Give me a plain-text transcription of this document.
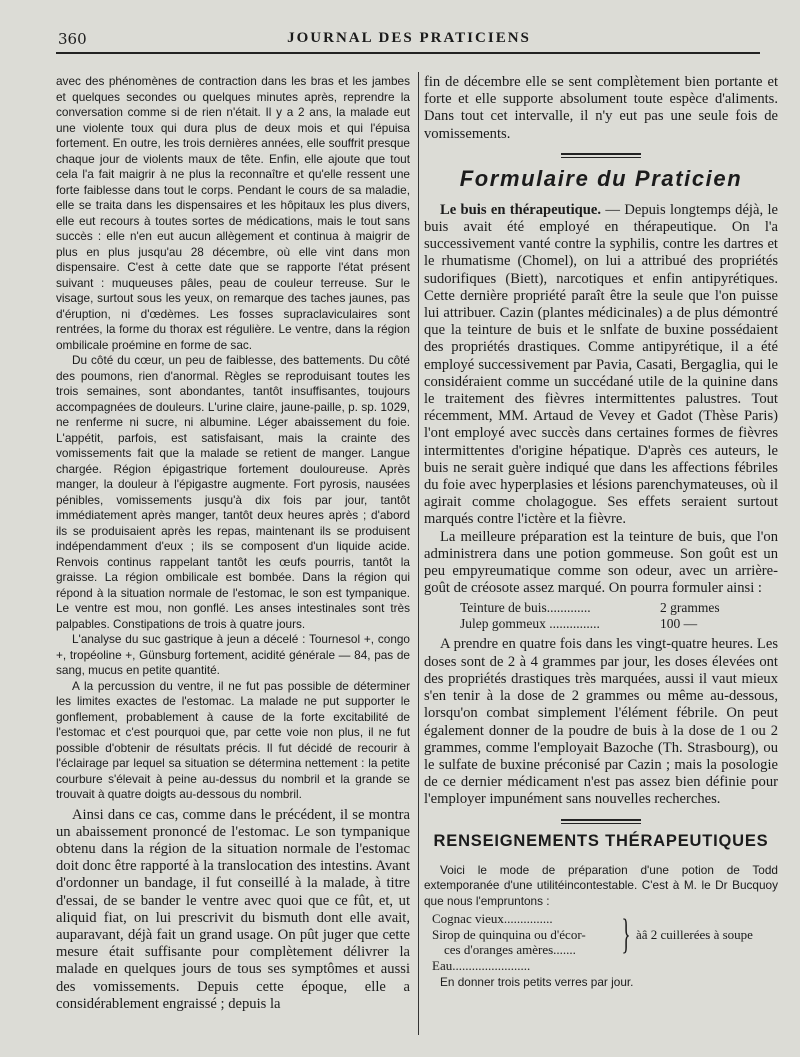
360	JOURNAL DES PRATICIENS

avec des phénomènes de contraction dans les bras et les jambes et quelques secondes ou quelques minutes après, reprendre la conversation comme si de rien n'était. Il y a 2 ans, la malade eut une violente toux qui dura plus de deux mois et qui l'épuisa fortement. En outre, les trois dernières années, elle souffrit presque chaque jour de violents maux de tête. Enfin, elle ajoute que tout cela l'a fait maigrir à ne plus la reconnaître et qu'elle ressent une forte faiblesse dans tout le corps. Pendant le cours de sa maladie, elle se traita dans les dispensaires et les hôpitaux les plus divers, elle eut recours à toutes sortes de médications, mais le tout sans succès : elle n'en eut aucun allègement et continua à maigrir de plus en plus jusqu'au 28 décembre, où elle vint dans mon dispensaire. C'est à cette date que se rapporte l'état présent suivant : muqueuses pâles, peau de couleur terreuse. Sur le visage, surtout sous les yeux, on remarque des taches jaunes, pas d'éruption, ni d'œdèmes. Les fosses supraclaviculaires sont rentrées, la forme du thorax est régulière. Le ventre, dans la région ombilicale proémine en forme de sac.

Du côté du cœur, un peu de faiblesse, des battements. Du côté des poumons, rien d'anormal. Règles se reproduisant toutes les trois semaines, sont abondantes, tantôt insuffisantes, toujours accompagnées de douleurs. L'urine claire, jaune-paille, p. sp. 1029, ne renferme ni sucre, ni albumine. Léger abaissement du foie. L'appétit, parfois, est satisfaisant, mais la crainte des vomissements fait que la malade se retient de manger. Langue chargée. Région épigastrique fortement douloureuse. Après manger, la douleur à l'épigastre augmente. Fort pyrosis, nausées pénibles, vomissements jusqu'à dix fois par jour, tantôt immédiatement après manger, tantôt deux heures après ; d'abord ils se produisaient après les repas, maintenant ils se produisent indépendamment d'eux ; ils se composent d'un liquide acide. Renvois continus rappelant tantôt les œufs pourris, tantôt la graisse. La région ombilicale est bombée. Dans la région qui répond à la situation normale de l'estomac, le son est tympanique. Le ventre est mou, non gonflé. Les anses intestinales sont très palpables. Constipations de trois à quatre jours.

L'analyse du suc gastrique à jeun a décelé : Tournesol +, congo +, tropéoline +, Günsburg fortement, acidité générale — 84, pas de sang, mucus en petite quantité.

A la percussion du ventre, il ne fut pas possible de déterminer les limites exactes de l'estomac. La malade ne put supporter le gonflement, probablement à cause de la forte excitabilité de l'estomac et c'est pourquoi que, par cette voie non plus, il ne fut possible d'obtenir de résultats précis. Il fut décidé de recourir à l'éclairage par lequel sa situation se détermina nettement : la petite courbure s'élevait à peine au-dessus du nombril et la grande se trouvait à quatre doigts au-dessous du nombril.

Ainsi dans ce cas, comme dans le précédent, il se montra un abaissement prononcé de l'estomac. Le son tympanique obtenu dans la région de la situation normale de l'estomac doit donc être rapporté à la translocation des intestins. Avant d'ordonner un bandage, il fut conseillé à la malade, à titre d'essai, de se bander le ventre avec quoi que ce fût, et, ut aliquid fiat, on lui prescrivit du bismuth dont elle avait, auparavant, déjà fait un grand usage. On pût juger que cette mesure était suffisante pour complètement délivrer la malade en quelques jours de tous ses symptômes et aussi des vomissements. Depuis cette époque, elle a considérablement engraissé ; depuis la

fin de décembre elle se sent complètement bien portante et forte et elle supporte absolument toute espèce d'aliments. Dans tout cet intervalle, il n'y eut pas une seule fois de vomissements.

Formulaire du Praticien

Le buis en thérapeutique. — Depuis longtemps déjà, le buis avait été employé en thérapeutique. On l'a successivement vanté contre la syphilis, contre les dartres et le rhumatisme (Chomel), on lui a attribué des propriétés sudorifiques (Biett), narcotiques et enfin antipyrétiques. Cette dernière propriété paraît être la seule que l'on puisse lui attribuer. Cazin (plantes médicinales) a de plus démontré que la teinture de buis et le snlfate de buxine possédaient des propriétés drastiques. Comme antipyrétique, il a été employé successivement par Pavia, Casati, Bergaglia, qui le considéraient comme un succédané utile de la quinine dans le traitement des fièvres intermittentes palustres. Tout récemment, MM. Artaud de Vevey et Gadot (Thèse Paris) l'ont employé avec succès dans certaines formes de fièvres intermittentes d'origine hépatique. D'après ces auteurs, le buis ne serait guère indiqué que dans les affections fébriles du foie avec hyperplasies et lésions parenchymateuses, où il agirait comme cholagogue. Ses effets seraient surtout marqués contre l'ictère et la fièvre.

La meilleure préparation est la teinture de buis, que l'on administrera dans une potion gommeuse. Son goût est un peu empyreumatique comme son odeur, avec un arrière-goût de créosote assez marqué. On pourra formuler ainsi :

Teinture de buis.............	2 grammes
Julep gommeux ...............	100 —

A prendre en quatre fois dans les vingt-quatre heures. Les doses sont de 2 à 4 grammes par jour, les doses élevées ont des propriétés drastiques très marquées, aussi il vaut mieux s'en tenir à la dose de 2 grammes ou même au-dessous, lorsqu'on combat simplement l'élément fébrile. On peut également donner de la poudre de buis à la dose de 1 ou 2 grammes, comme l'employait Bazoche (Th. Strasbourg), ou le sulfate de buxine préconisé par Cazin ; mais la posologie de ce dernier médicament n'est pas assez bien définie pour l'employer impunément sans nouvelles recherches.

RENSEIGNEMENTS THÉRAPEUTIQUES

Voici le mode de préparation d'une potion de Todd extemporanée d'une utilitéincontestable. C'est à M. le Dr Bucquoy que nous l'empruntons :

Cognac vieux...............
Sirop de quinquina ou d'écor-
ces d'oranges amères.......
Eau........................
} àâ 2 cuillerées à soupe

En donner trois petits verres par jour.
